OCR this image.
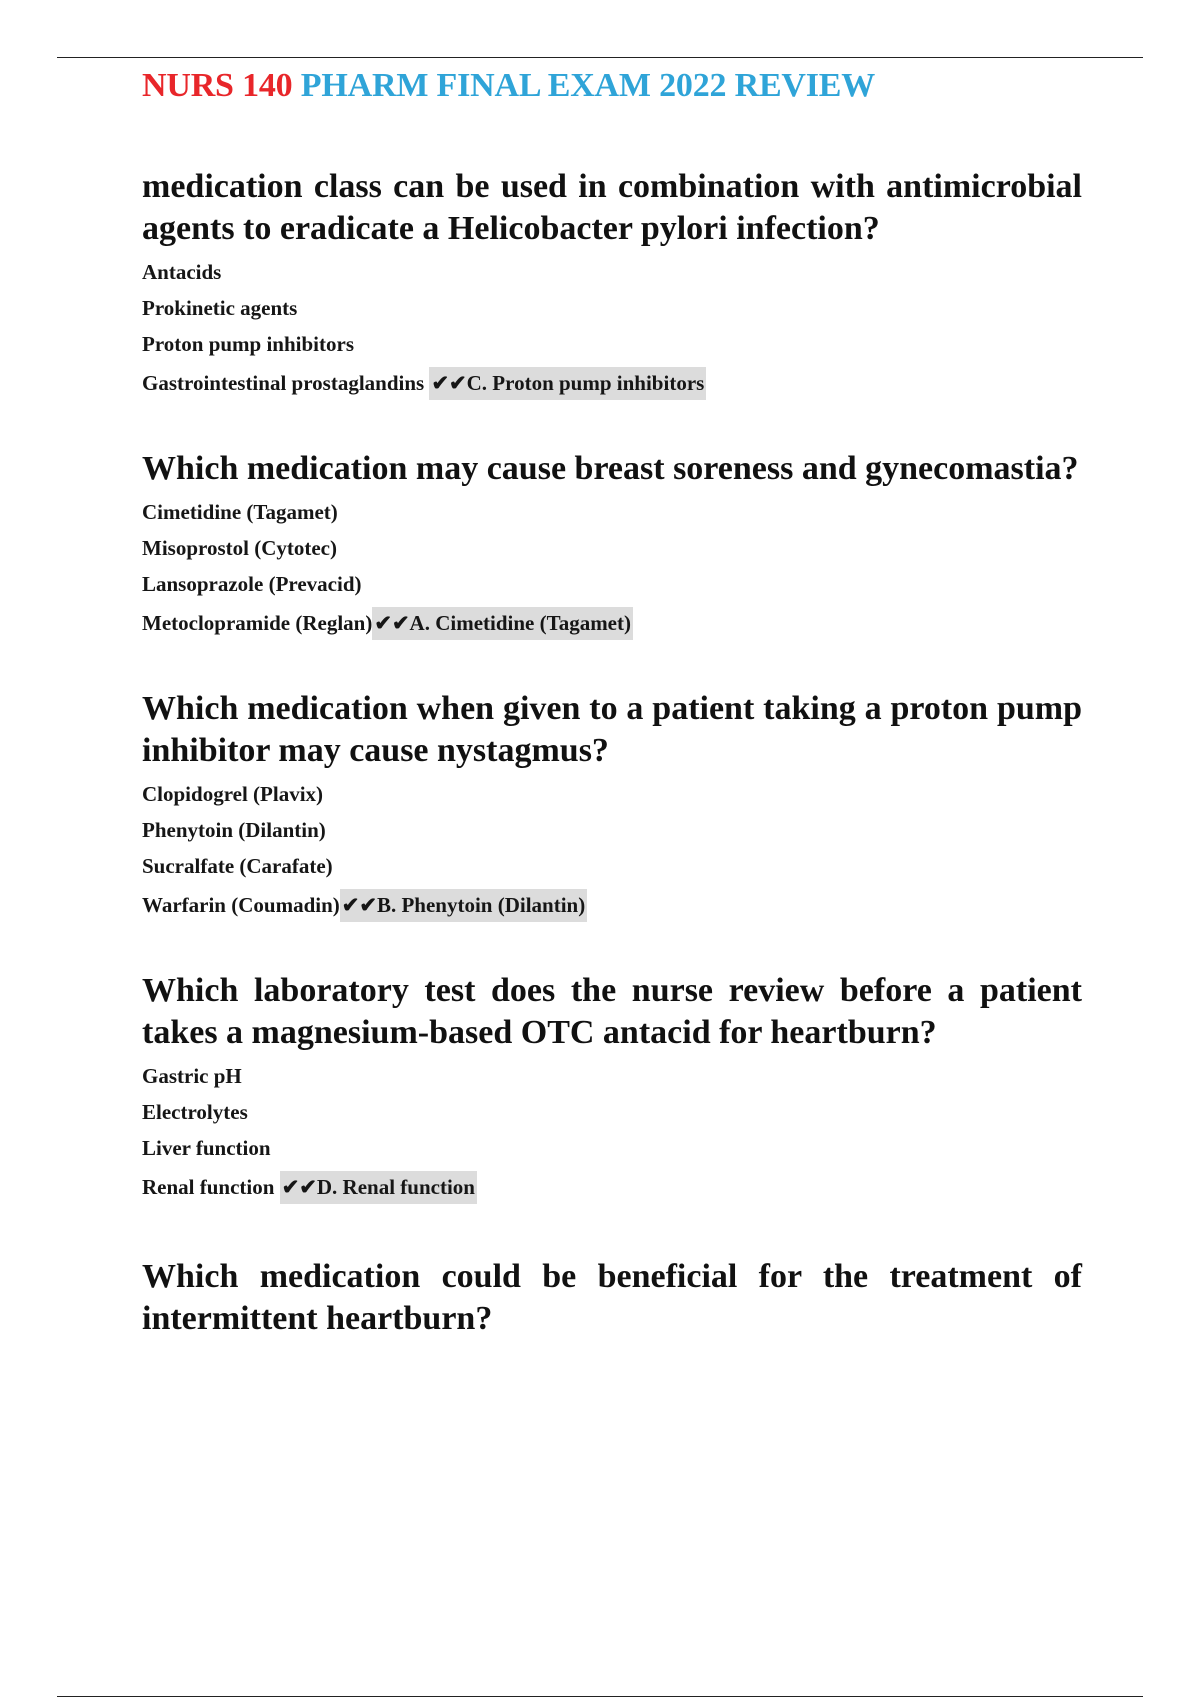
NURS 140 PHARM FINAL EXAM 2022 REVIEW

medication class can be used in combination with antimicrobial agents to eradicate a Helicobacter pylori infection?

Antacids
Prokinetic agents
Proton pump inhibitors
Gastrointestinal prostaglandins ✔✔C. Proton pump inhibitors

Which medication may cause breast soreness and gynecomastia?

Cimetidine (Tagamet)
Misoprostol (Cytotec)
Lansoprazole (Prevacid)
Metoclopramide (Reglan)✔✔A. Cimetidine (Tagamet)

Which medication when given to a patient taking a proton pump inhibitor may cause nystagmus?

Clopidogrel (Plavix)
Phenytoin (Dilantin)
Sucralfate (Carafate)
Warfarin (Coumadin)✔✔B. Phenytoin (Dilantin)

Which laboratory test does the nurse review before a patient takes a magnesium-based OTC antacid for heartburn?

Gastric pH
Electrolytes
Liver function
Renal function ✔✔D. Renal function

Which medication could be beneficial for the treatment of intermittent heartburn?
